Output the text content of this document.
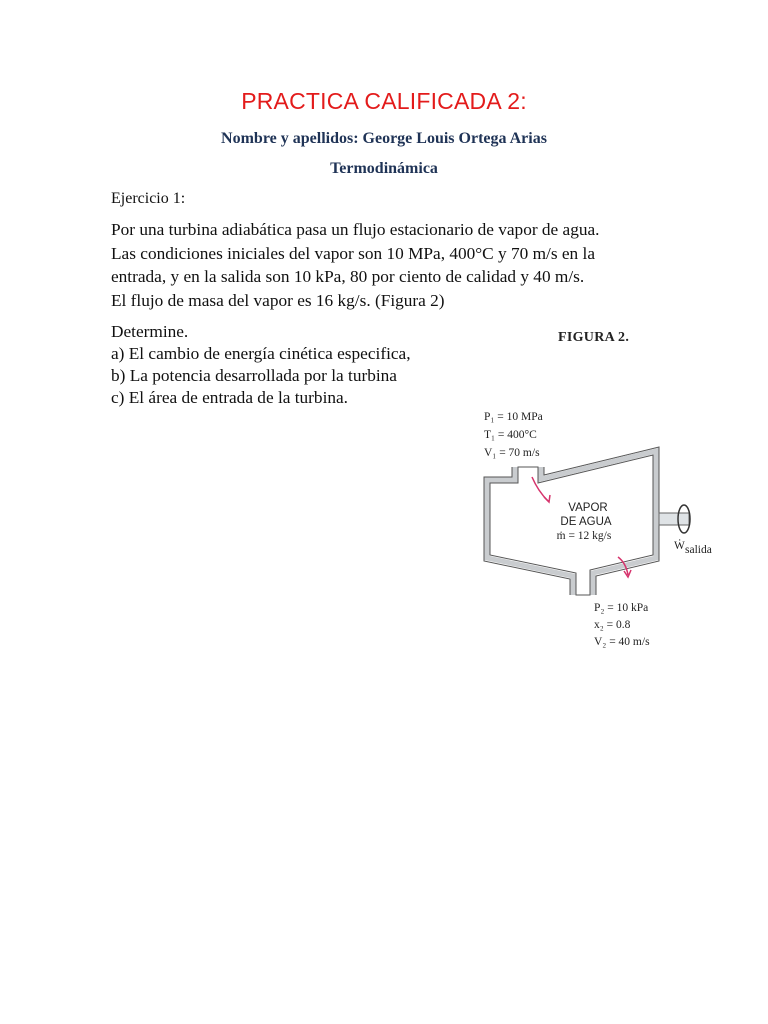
PRACTICA CALIFICADA 2:
Nombre y apellidos: George Louis Ortega Arias
Termodinámica
Ejercicio 1:
Por una turbina adiabática pasa un flujo estacionario de vapor de agua.
Las condiciones iniciales del vapor son 10 MPa, 400°C y 70 m/s en la
entrada, y en la salida son 10 kPa, 80 por ciento de calidad y 40 m/s.
El flujo de masa del vapor es 16 kg/s. (Figura 2)
Determine.
a) El cambio de energía cinética especifica,
b) La potencia desarrollada por la turbina
c) El área de entrada de la turbina.
FIGURA 2.
P₁ = 10 MPa
T₁ = 400°C
V₁ = 70 m/s
VAPOR
DE AGUA
ṁ = 12 kg/s
Ẇ salida
P₂ = 10 kPa
x₂ = 0.8
V₂ = 40 m/s
